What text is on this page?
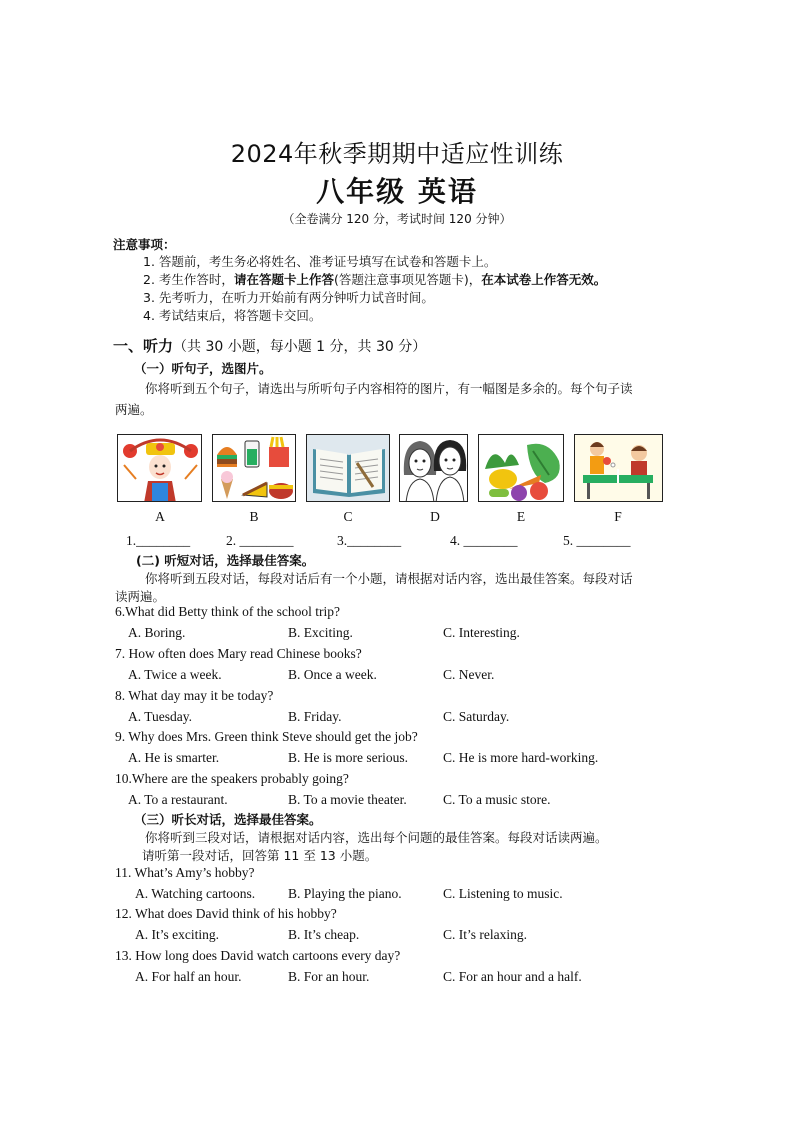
2024年秋季期期中适应性训练
八年级 英语
（全卷满分 120 分，考试时间 120 分钟）
注意事项：
1. 答题前，考生务必将姓名、准考证号填写在试卷和答题卡上。
2. 考生作答时，请在答题卡上作答(答题注意事项见答题卡)，在本试卷上作答无效。
3. 先考听力，在听力开始前有两分钟听力试音时间。
4. 考试结束后，将答题卡交回。
一、听力（共 30 小题，每小题 1 分，共 30 分）
（一）听句子，选图片。
你将听到五个句子，请选出与所听句子内容相符的图片，有一幅图是多余的。每个句子读
两遍。
A	B	C	D	E	F
1.________	2. ________	3.________	4. ________	5. ________
(二) 听短对话，选择最佳答案。
你将听到五段对话，每段对话后有一个小题，请根据对话内容，选出最佳答案。每段对话
读两遍。
6.What did Betty think of the school trip?
A. Boring.	B. Exciting.	C. Interesting.
7. How often does Mary read Chinese books?
A. Twice a week.	B. Once a week.	C. Never.
8. What day may it be today?
A. Tuesday.	B. Friday.	C. Saturday.
9. Why does Mrs. Green think Steve should get the job?
A. He is smarter.	B. He is more serious.	C. He is more hard-working.
10.Where are the speakers probably going?
A. To a restaurant.	B. To a movie theater.	C. To a music store.
（三）听长对话，选择最佳答案。
你将听到三段对话，请根据对话内容，选出每个问题的最佳答案。每段对话读两遍。
请听第一段对话，回答第 11 至 13 小题。
11. What’s Amy’s hobby?
A. Watching cartoons. B. Playing the piano.	C. Listening to music.
12. What does David think of his hobby?
A. It’s exciting.	B. It’s cheap.	C. It’s relaxing.
13. How long does David watch cartoons every day?
A. For half an hour.	B. For an hour.	C. For an hour and a half.
